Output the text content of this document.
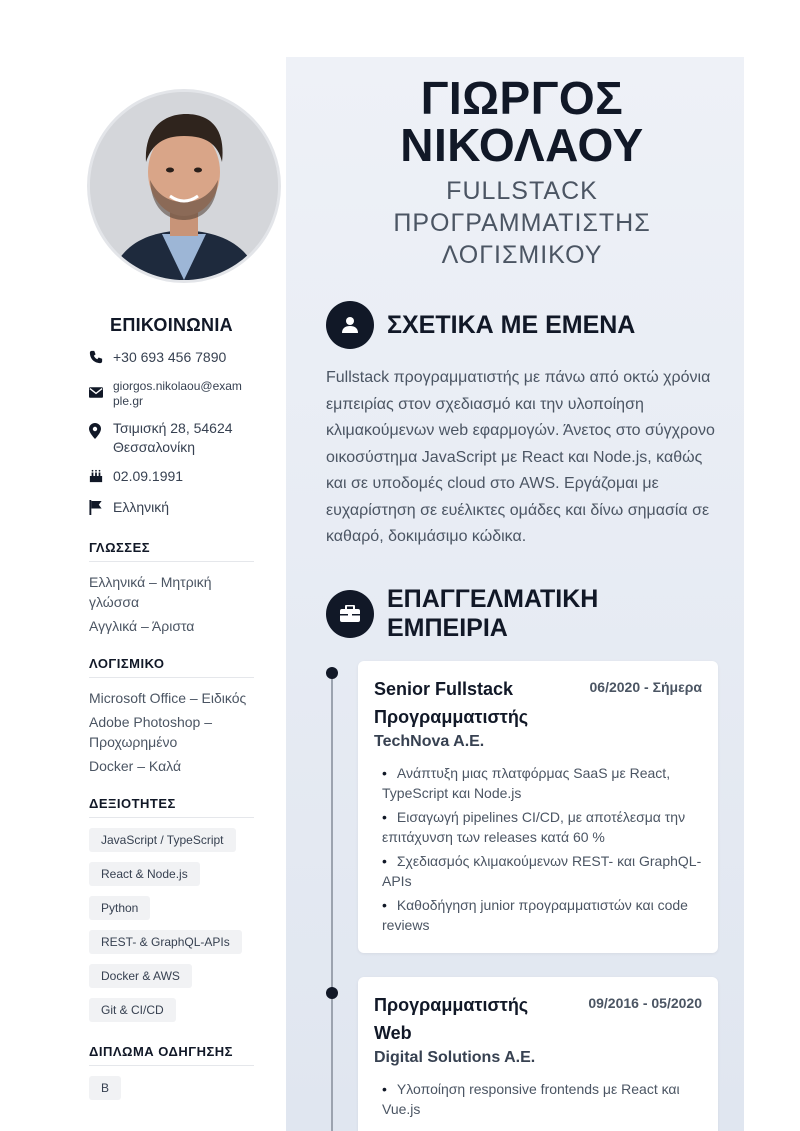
ΕΠΙΚΟΙΝΩΝΙΑ
+30 693 456 7890
giorgos.nikolaou@exam
ple.gr
Τσιμισκή 28, 54624
Θεσσαλονίκη
02.09.1991
Ελληνική
ΓΛΩΣΣΕΣ
Ελληνικά – Μητρική γλώσσα
Αγγλικά – Άριστα
ΛΟΓΙΣΜΙΚΟ
Microsoft Office – Ειδικός
Adobe Photoshop – Προχωρημένο
Docker – Καλά
ΔΕΞΙΟΤΗΤΕΣ
JavaScript / TypeScript
React & Node.js
Python
REST- & GraphQL-APIs
Docker & AWS
Git & CI/CD
ΔΙΠΛΩΜΑ ΟΔΗΓΗΣΗΣ
B
ΓΙΩΡΓΟΣ
ΝΙΚΟΛΑΟΥ
FULLSTACK ΠΡΟΓΡΑΜΜΑΤΙΣΤΗΣ ΛΟΓΙΣΜΙΚΟΥ
ΣΧΕΤΙΚΑ ΜΕ ΕΜΕΝΑ
Fullstack προγραμματιστής με πάνω από οκτώ χρόνια εμπειρίας στον σχεδιασμό και την υλοποίηση κλιμακούμενων web εφαρμογών. Άνετος στο σύγχρονο οικοσύστημα JavaScript με React και Node.js, καθώς και σε υποδομές cloud στο AWS. Εργάζομαι με ευχαρίστηση σε ευέλικτες ομάδες και δίνω σημασία σε καθαρό, δοκιμάσιμο κώδικα.
ΕΠΑΓΓΕΛΜΑΤΙΚΗ ΕΜΠΕΙΡΙΑ
Senior Fullstack Προγραμματιστής
06/2020 - Σήμερα
TechNova A.E.
• Ανάπτυξη μιας πλατφόρμας SaaS με React, TypeScript και Node.js
• Εισαγωγή pipelines CI/CD, με αποτέλεσμα την επιτάχυνση των releases κατά 60 %
• Σχεδιασμός κλιμακούμενων REST- και GraphQL-APIs
• Καθοδήγηση junior προγραμματιστών και code reviews
Προγραμματιστής Web
09/2016 - 05/2020
Digital Solutions A.E.
• Υλοποίηση responsive frontends με React και Vue.js
